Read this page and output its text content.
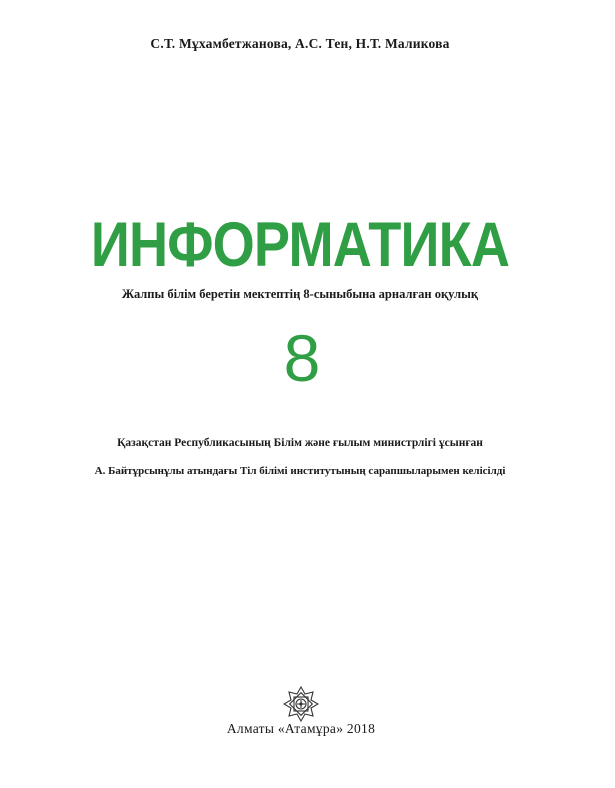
С.Т. Мұхамбетжанова, А.С. Тен, Н.Т. Маликова
ИНФОРМАТИКА
Жалпы білім беретін мектептің 8-сыныбына арналған оқулық
8
Қазақстан Республикасының Білім және ғылым министрлігі ұсынған
А. Байтұрсынұлы атындағы Тіл білімі институтының сарапшыларымен келісілді
Алматы «Атамұра» 2018
